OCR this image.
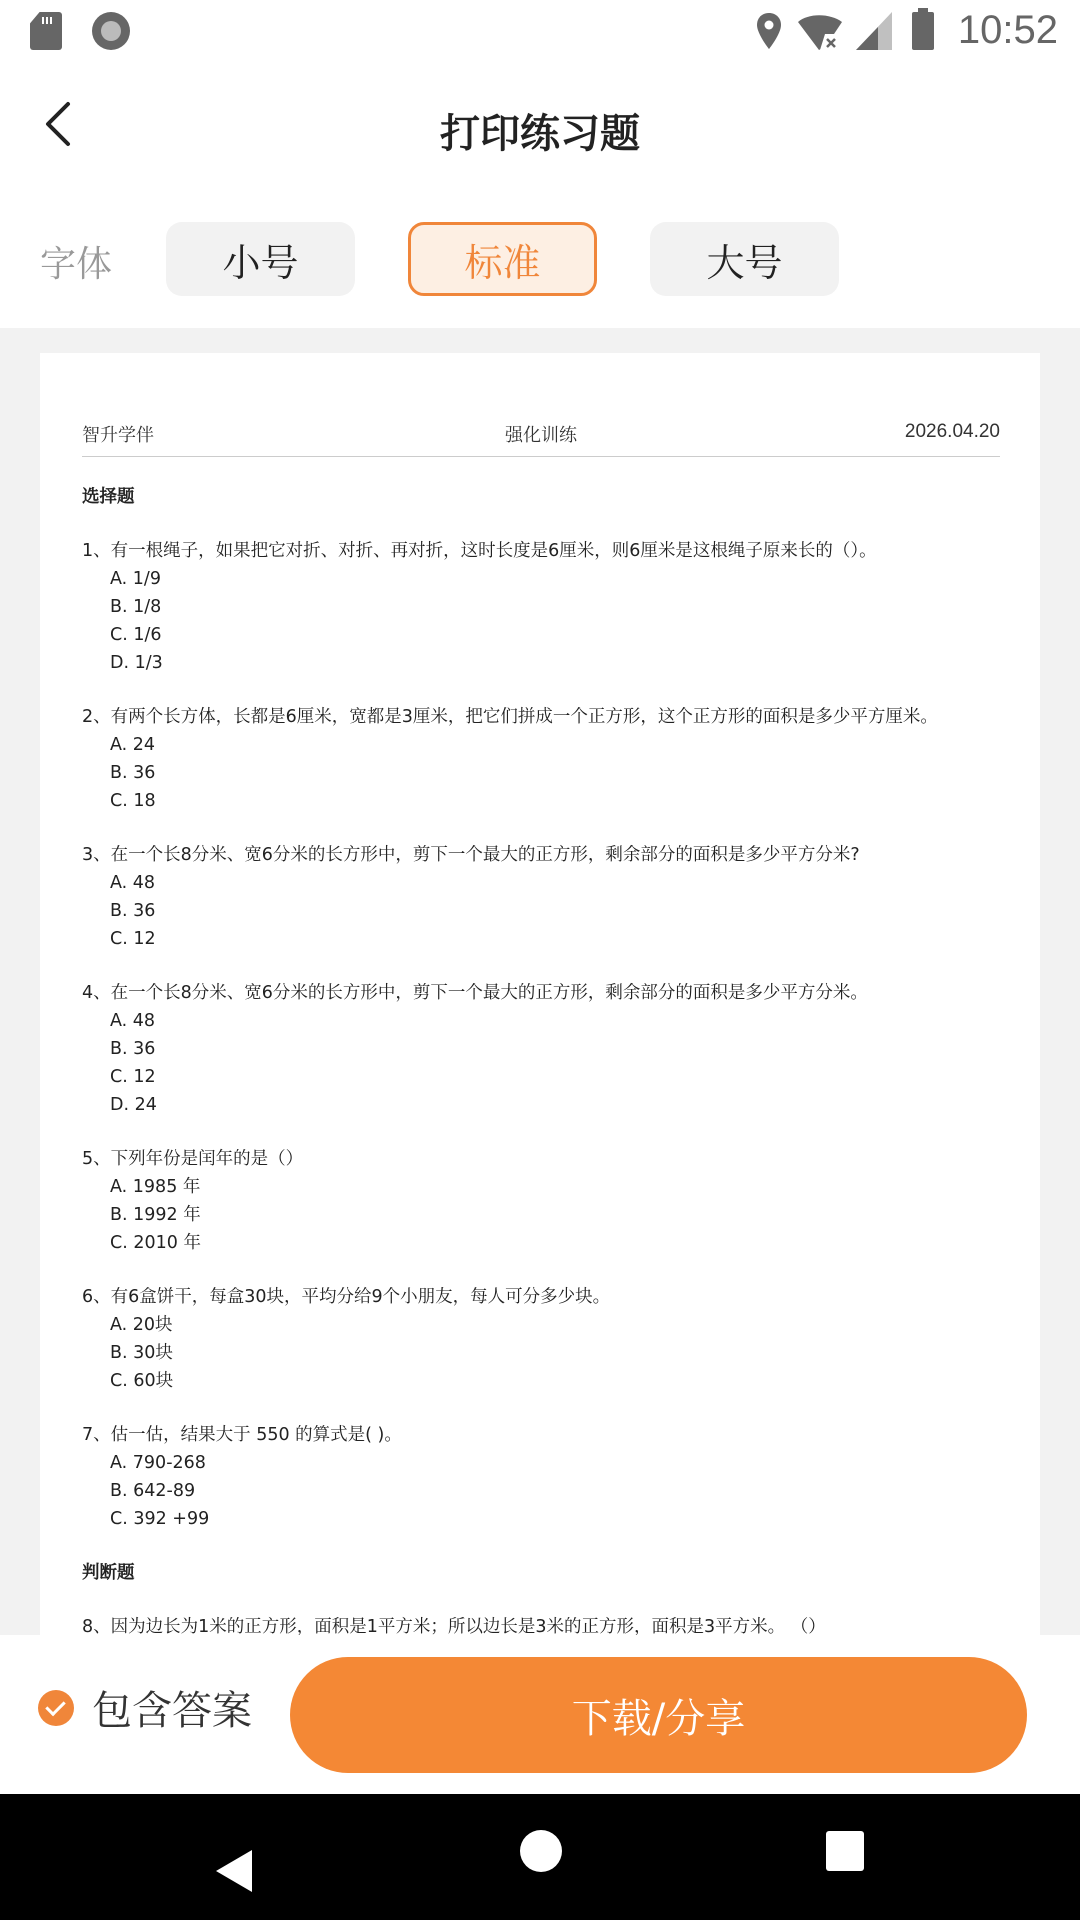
10:52
打印练习题
字体	小号	标准	大号
智升学伴	强化训练	2026.04.20
选择题
1、有一根绳子，如果把它对折、对折、再对折，这时长度是6厘米，则6厘米是这根绳子原来长的（）。
A. 1/9
B. 1/8
C. 1/6
D. 1/3
2、有两个长方体，长都是6厘米，宽都是3厘米，把它们拼成一个正方形，这个正方形的面积是多少平方厘米。
A. 24
B. 36
C. 18
3、在一个长8分米、宽6分米的长方形中，剪下一个最大的正方形，剩余部分的面积是多少平方分米?
A. 48
B. 36
C. 12
4、在一个长8分米、宽6分米的长方形中，剪下一个最大的正方形，剩余部分的面积是多少平方分米。
A. 48
B. 36
C. 12
D. 24
5、下列年份是闰年的是（）
A. 1985 年
B. 1992 年
C. 2010 年
6、有6盒饼干，每盒30块，平均分给9个小朋友，每人可分多少块。
A. 20块
B. 30块
C. 60块
7、估一估，结果大于 550 的算式是( )。
A. 790-268
B. 642-89
C. 392 +99
判断题
8、因为边长为1米的正方形，面积是1平方米；所以边长是3米的正方形，面积是3平方米。 （）
包含答案	下载/分享
